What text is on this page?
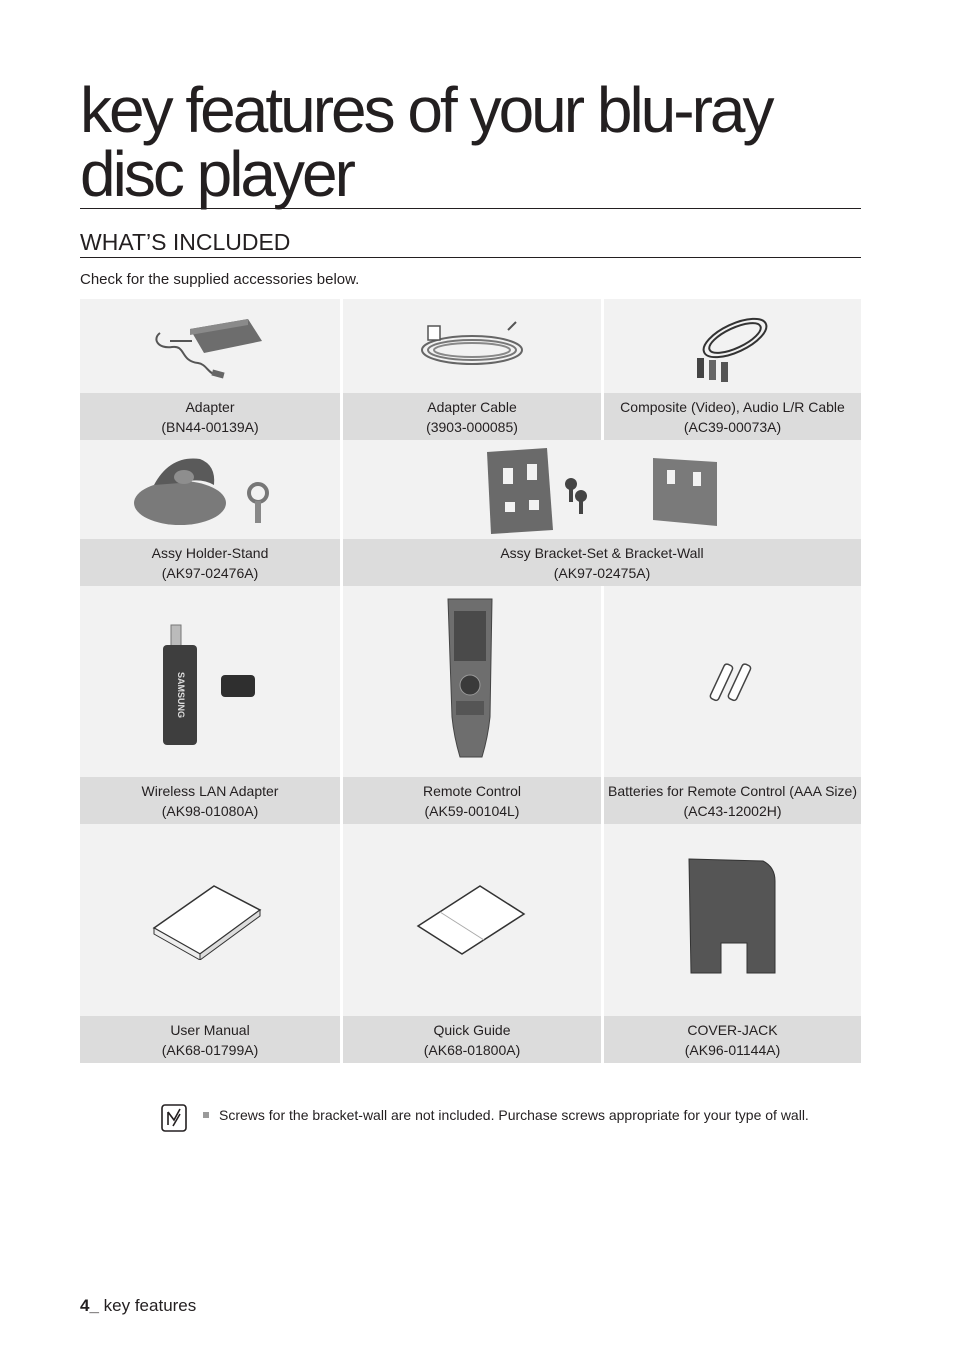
key features of your blu-ray
disc player
WHAT’S INCLUDED

Check for the supplied accessories below.

Adapter
(BN44-00139A)
Adapter Cable
(3903-000085)
Composite (Video), Audio L/R Cable
(AC39-00073A)
Assy Holder-Stand
(AK97-02476A)
Assy Bracket-Set & Bracket-Wall
(AK97-02475A)
SAMSUNG
Wireless LAN Adapter
(AK98-01080A)
Remote Control
(AK59-00104L)
Batteries for Remote Control (AAA Size)
(AC43-12002H)
User Manual
(AK68-01799A)
Quick Guide
(AK68-01800A)
COVER-JACK
(AK96-01144A)
Screws for the bracket-wall are not included. Purchase screws appropriate for your type of wall.
4_ key features
